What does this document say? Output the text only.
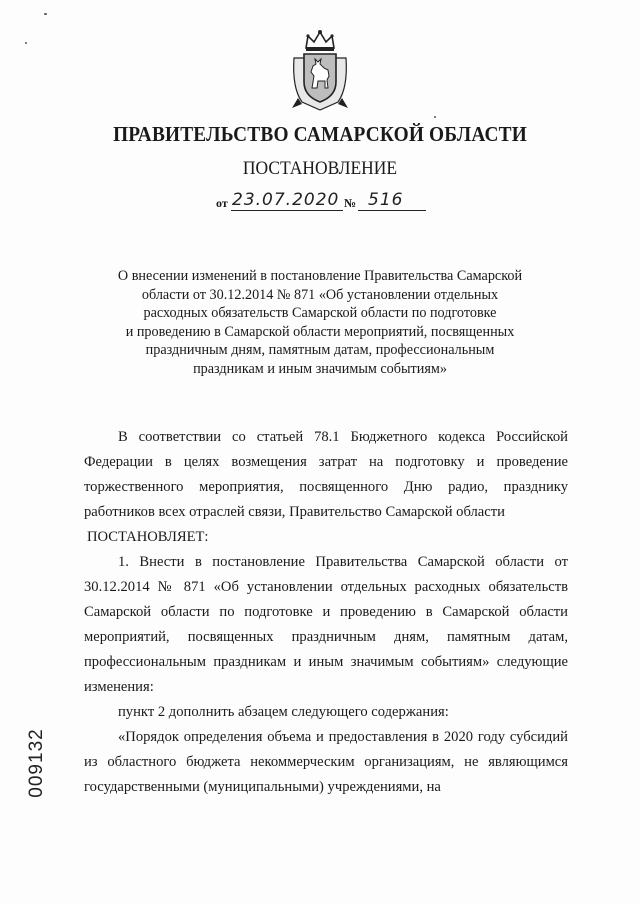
ПРАВИТЕЛЬСТВО САМАРСКОЙ ОБЛАСТИ
ПОСТАНОВЛЕНИЕ
от 23.07.2020 № 516
О внесении изменений в постановление Правительства Самарской
области от 30.12.2014 № 871 «Об установлении отдельных
расходных обязательств Самарской области по подготовке
и проведению в Самарской области мероприятий, посвященных
праздничным дням, памятным датам, профессиональным
праздникам и иным значимым событиям»

В соответствии со статьей 78.1 Бюджетного кодекса Российской Федерации в целях возмещения затрат на подготовку и проведение торжественного мероприятия, посвященного Дню радио, празднику работников всех отраслей связи, Правительство Самарской области

ПОСТАНОВЛЯЕТ:

1. Внести в постановление Правительства Самарской области от 30.12.2014 № 871 «Об установлении отдельных расходных обязательств Самарской области по подготовке и проведению в Самарской области мероприятий, посвященных праздничным дням, памятным датам, профессиональным праздникам и иным значимым событиям» следующие изменения:

пункт 2 дополнить абзацем следующего содержания:

«Порядок определения объема и предоставления в 2020 году субсидий из областного бюджета некоммерческим организациям, не являющимся государственными (муниципальными) учреждениями, на

009132
